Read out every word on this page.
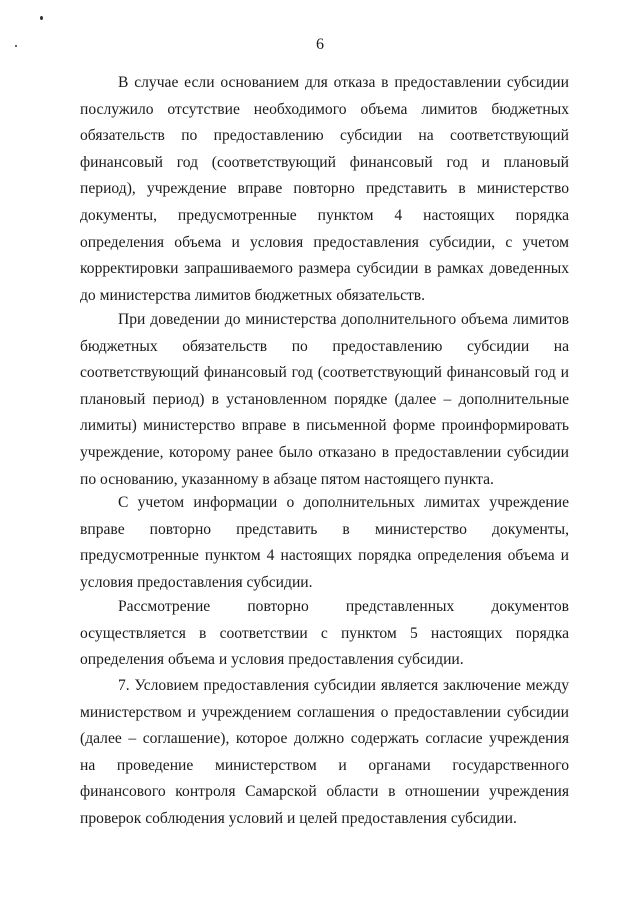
6

В случае если основанием для отказа в предоставлении субсидии послужило отсутствие необходимого объема лимитов бюджетных обязательств по предоставлению субсидии на соответствующий финансовый год (соответствующий финансовый год и плановый период), учреждение вправе повторно представить в министерство документы, предусмотренные пунктом 4 настоящих порядка определения объема и условия предоставления субсидии, с учетом корректировки запрашиваемого размера субсидии в рамках доведенных до министерства лимитов бюджетных обязательств.

При доведении до министерства дополнительного объема лимитов бюджетных обязательств по предоставлению субсидии на соответствующий финансовый год (соответствующий финансовый год и плановый период) в установленном порядке (далее – дополнительные лимиты) министерство вправе в письменной форме проинформировать учреждение, которому ранее было отказано в предоставлении субсидии по основанию, указанному в абзаце пятом настоящего пункта.

С учетом информации о дополнительных лимитах учреждение вправе повторно представить в министерство документы, предусмотренные пунктом 4 настоящих порядка определения объема и условия предоставления субсидии.

Рассмотрение повторно представленных документов осуществляется в соответствии с пунктом 5 настоящих порядка определения объема и условия предоставления субсидии.

7. Условием предоставления субсидии является заключение между министерством и учреждением соглашения о предоставлении субсидии (далее – соглашение), которое должно содержать согласие учреждения на проведение министерством и органами государственного финансового контроля Самарской области в отношении учреждения проверок соблюдения условий и целей предоставления субсидии.
